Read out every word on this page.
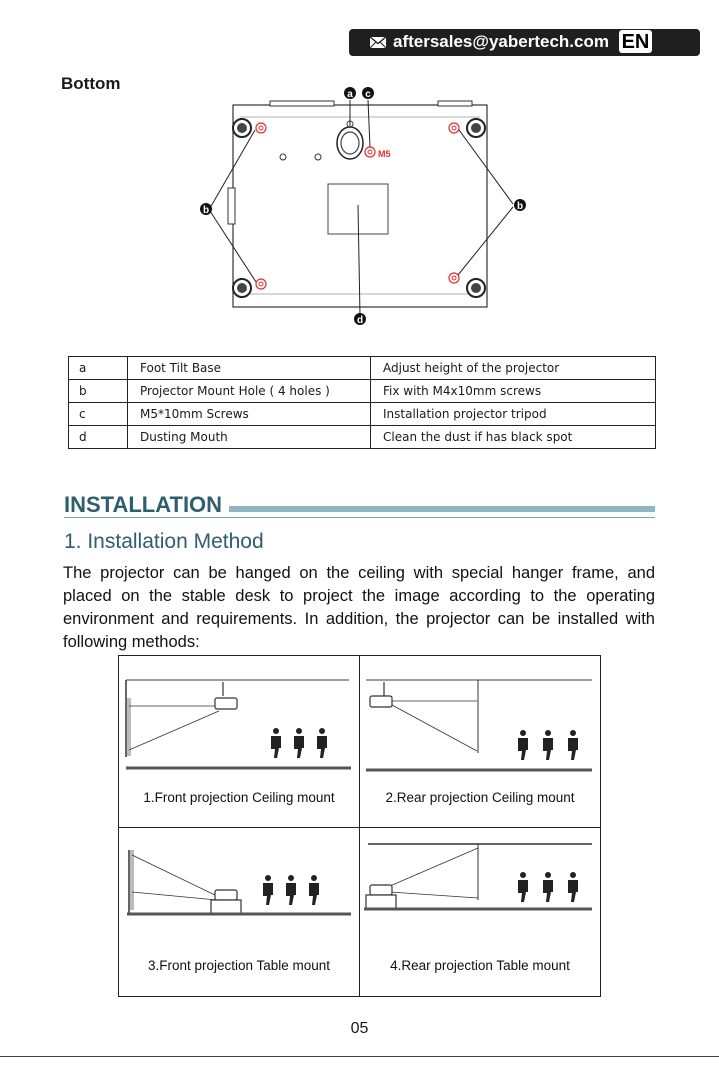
aftersales@yabertech.com EN
Bottom
M5
a c
b	b
d
a	Foot Tilt Base	Adjust height of the projector
b	Projector Mount Hole ( 4 holes )	Fix with M4x10mm screws
c	M5*10mm Screws	Installation projector tripod
d	Dusting Mouth	Clean the dust if has black spot
INSTALLATION
1. Installation Method
The projector can be hanged on the ceiling with special hanger frame, and placed on the stable desk to project the image according to the operating environment and requirements. In addition, the projector can be installed with following methods:
1.Front projection Ceiling mount	2.Rear projection Ceiling mount
3.Front projection Table mount	4.Rear projection Table mount
05
